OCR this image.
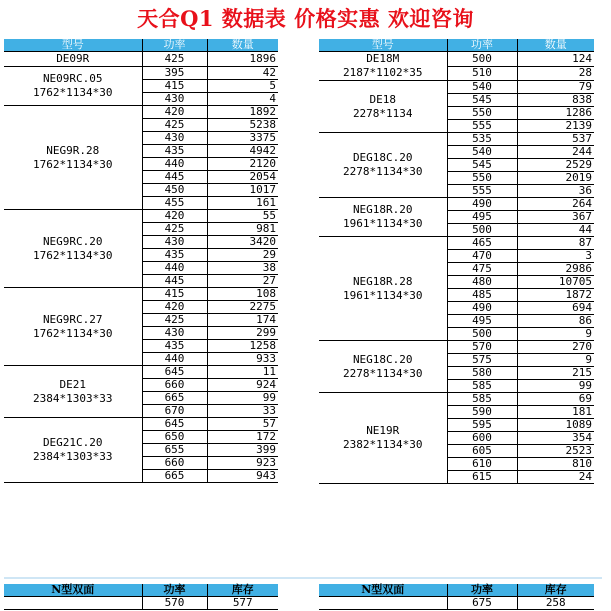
天合Q1 数据表 价格实惠 欢迎咨询
型号	功率	数量
DE09R	425	1896
NE09RC.05
1762*1134*30	395	42
	415	5
	430	4
NEG9R.28
1762*1134*30	420	1892
	425	5238
	430	3375
	435	4942
	440	2120
	445	2054
	450	1017
	455	161
NEG9RC.20
1762*1134*30	420	55
	425	981
	430	3420
	435	29
	440	38
	445	27
NEG9RC.27
1762*1134*30	415	108
	420	2275
	425	174
	430	299
	435	1258
	440	933
DE21
2384*1303*33	645	11
	660	924
	665	99
	670	33
DEG21C.20
2384*1303*33	645	57
	650	172
	655	399
	660	923
	665	943
型号	功率	数量
DE18M
2187*1102*35	500	124
	510	28
DE18
2278*1134	540	79
	545	838
	550	1286
	555	2139
DEG18C.20
2278*1134*30	535	537
	540	244
	545	2529
	550	2019
	555	36
NEG18R.20
1961*1134*30	490	264
	495	367
	500	44
NEG18R.28
1961*1134*30	465	87
	470	3
	475	2986
	480	10705
	485	1872
	490	694
	495	86
	500	9
NEG18C.20
2278*1134*30	570	270
	575	9
	580	215
	585	99
NE19R
2382*1134*30	585	69
	590	181
	595	1089
	600	354
	605	2523
	610	810
	615	24
N型双面	功率	库存
	570	577
N型双面	功率	库存
	675	258
